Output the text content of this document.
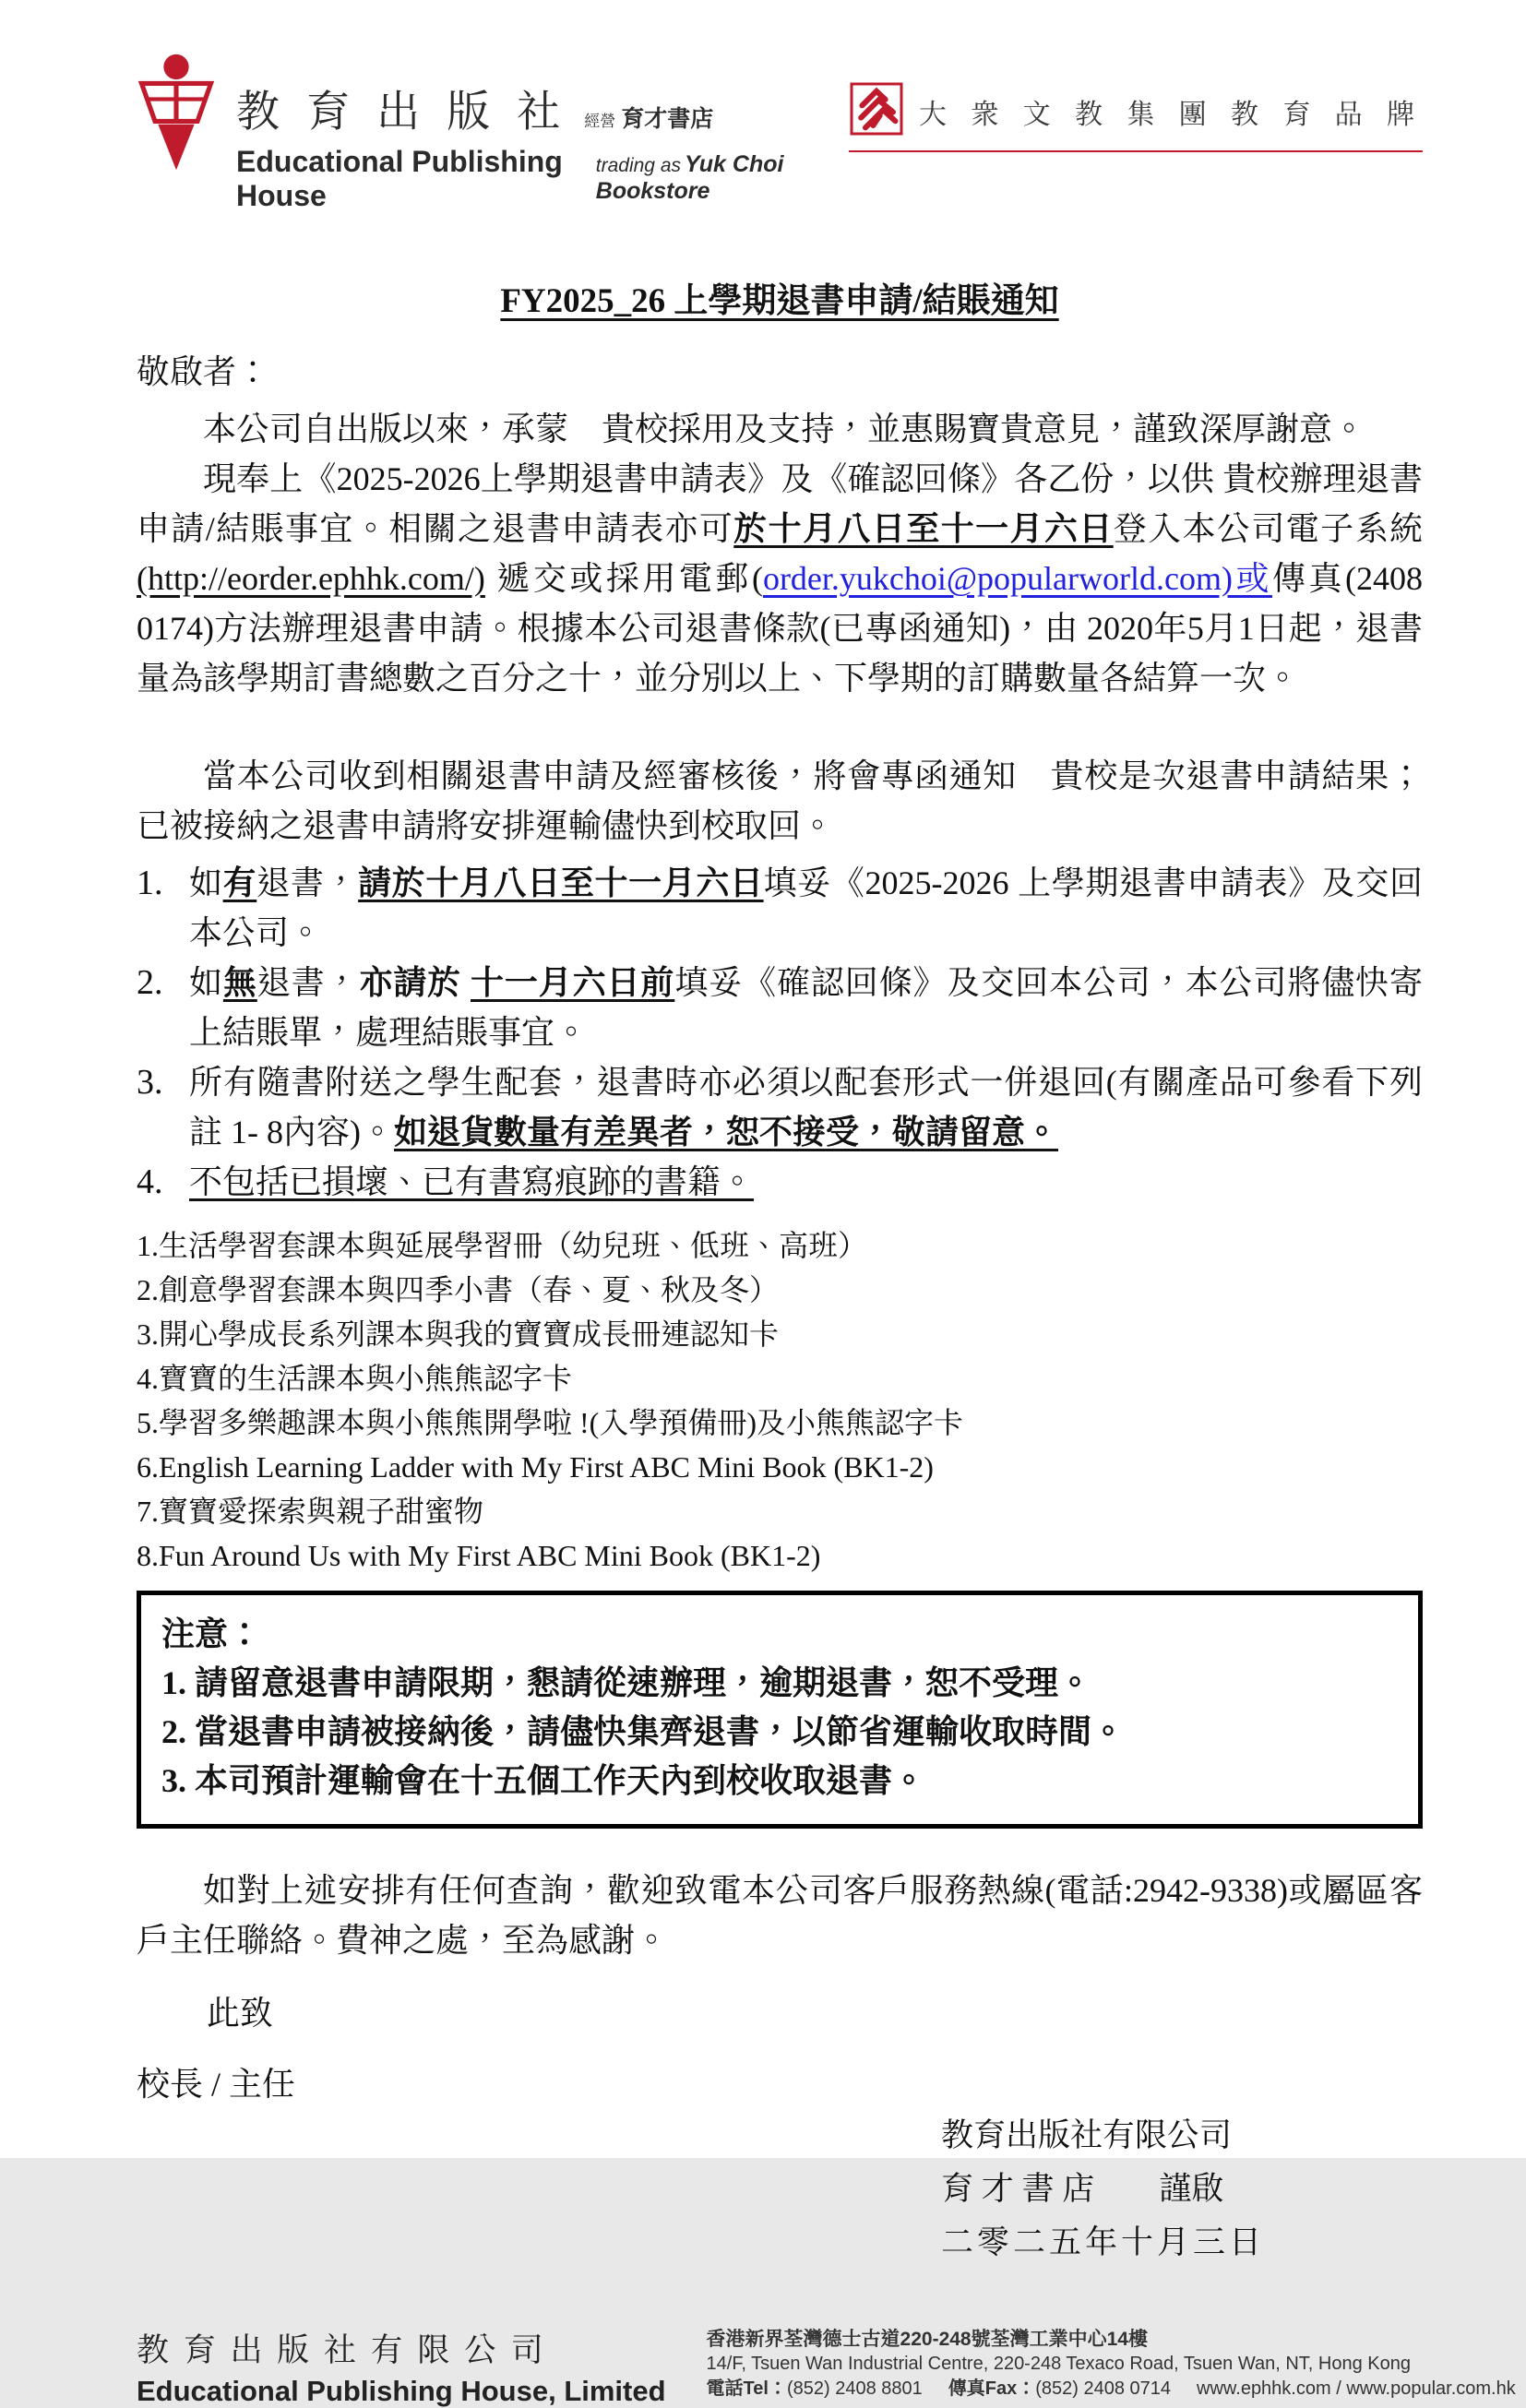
教 育 出 版 社 經營 育才書店
Educational Publishing House
trading as Yuk Choi Bookstore
大 衆 文 教 集 團 教 育 品 牌
FY2025_26 上學期退書申請/結賬通知
敬啟者：

本公司自出版以來，承蒙　貴校採用及支持，並惠賜寶貴意見，謹致深厚謝意。

現奉上《2025-2026上學期退書申請表》及《確認回條》各乙份，以供 貴校辦理退書申請/結賬事宜。相關之退書申請表亦可於十月八日至十一月六日登入本公司電子系統(http://eorder.ephhk.com/) 遞交或採用電郵(order.yukchoi@popularworld.com)或傳真(2408 0174)方法辦理退書申請。根據本公司退書條款(已專函通知)，由 2020年5月1日起，退書量為該學期訂書總數之百分之十，並分別以上、下學期的訂購數量各結算一次。

當本公司收到相關退書申請及經審核後，將會專函通知　貴校是次退書申請結果；已被接納之退書申請將安排運輸儘快到校取回。

1. 如有退書，請於十月八日至十一月六日填妥《2025-2026 上學期退書申請表》及交回本公司。
2. 如無退書，亦請於 十一月六日前填妥《確認回條》及交回本公司，本公司將儘快寄上結賬單，處理結賬事宜。
3. 所有隨書附送之學生配套，退書時亦必須以配套形式一併退回(有關產品可參看下列註 1- 8內容)。如退貨數量有差異者，恕不接受，敬請留意。
4. 不包括已損壞、已有書寫痕跡的書籍。
1.生活學習套課本與延展學習冊（幼兒班、低班、高班）
2.創意學習套課本與四季小書（春、夏、秋及冬）
3.開心學成長系列課本與我的寶寶成長冊連認知卡
4.寶寶的生活課本與小熊熊認字卡
5.學習多樂趣課本與小熊熊開學啦 !(入學預備冊)及小熊熊認字卡
6.English Learning Ladder with My First ABC Mini Book (BK1-2)
7.寶寶愛探索與親子甜蜜物
8.Fun Around Us with My First ABC Mini Book (BK1-2)
注意：
1. 請留意退書申請限期，懇請從速辦理，逾期退書，恕不受理。
2. 當退書申請被接納後，請儘快集齊退書，以節省運輸收取時間。
3. 本司預計運輸會在十五個工作天內到校收取退書。

如對上述安排有任何查詢，歡迎致電本公司客戶服務熱線(電話:2942-9338)或屬區客戶主任聯絡。費神之處，至為感謝。

此致
校長 / 主任
教育出版社有限公司
育 才 書 店　　謹啟
二零二五年十月三日
教 育 出 版 社 有 限 公 司
Educational Publishing House, Limited
香港新界荃灣德士古道220-248號荃灣工業中心14樓
14/F, Tsuen Wan Industrial Centre, 220-248 Texaco Road, Tsuen Wan, NT, Hong Kong
電話Tel：(852) 2408 8801 傳真Fax：(852) 2408 0714 www.ephhk.com / www.popular.com.hk
